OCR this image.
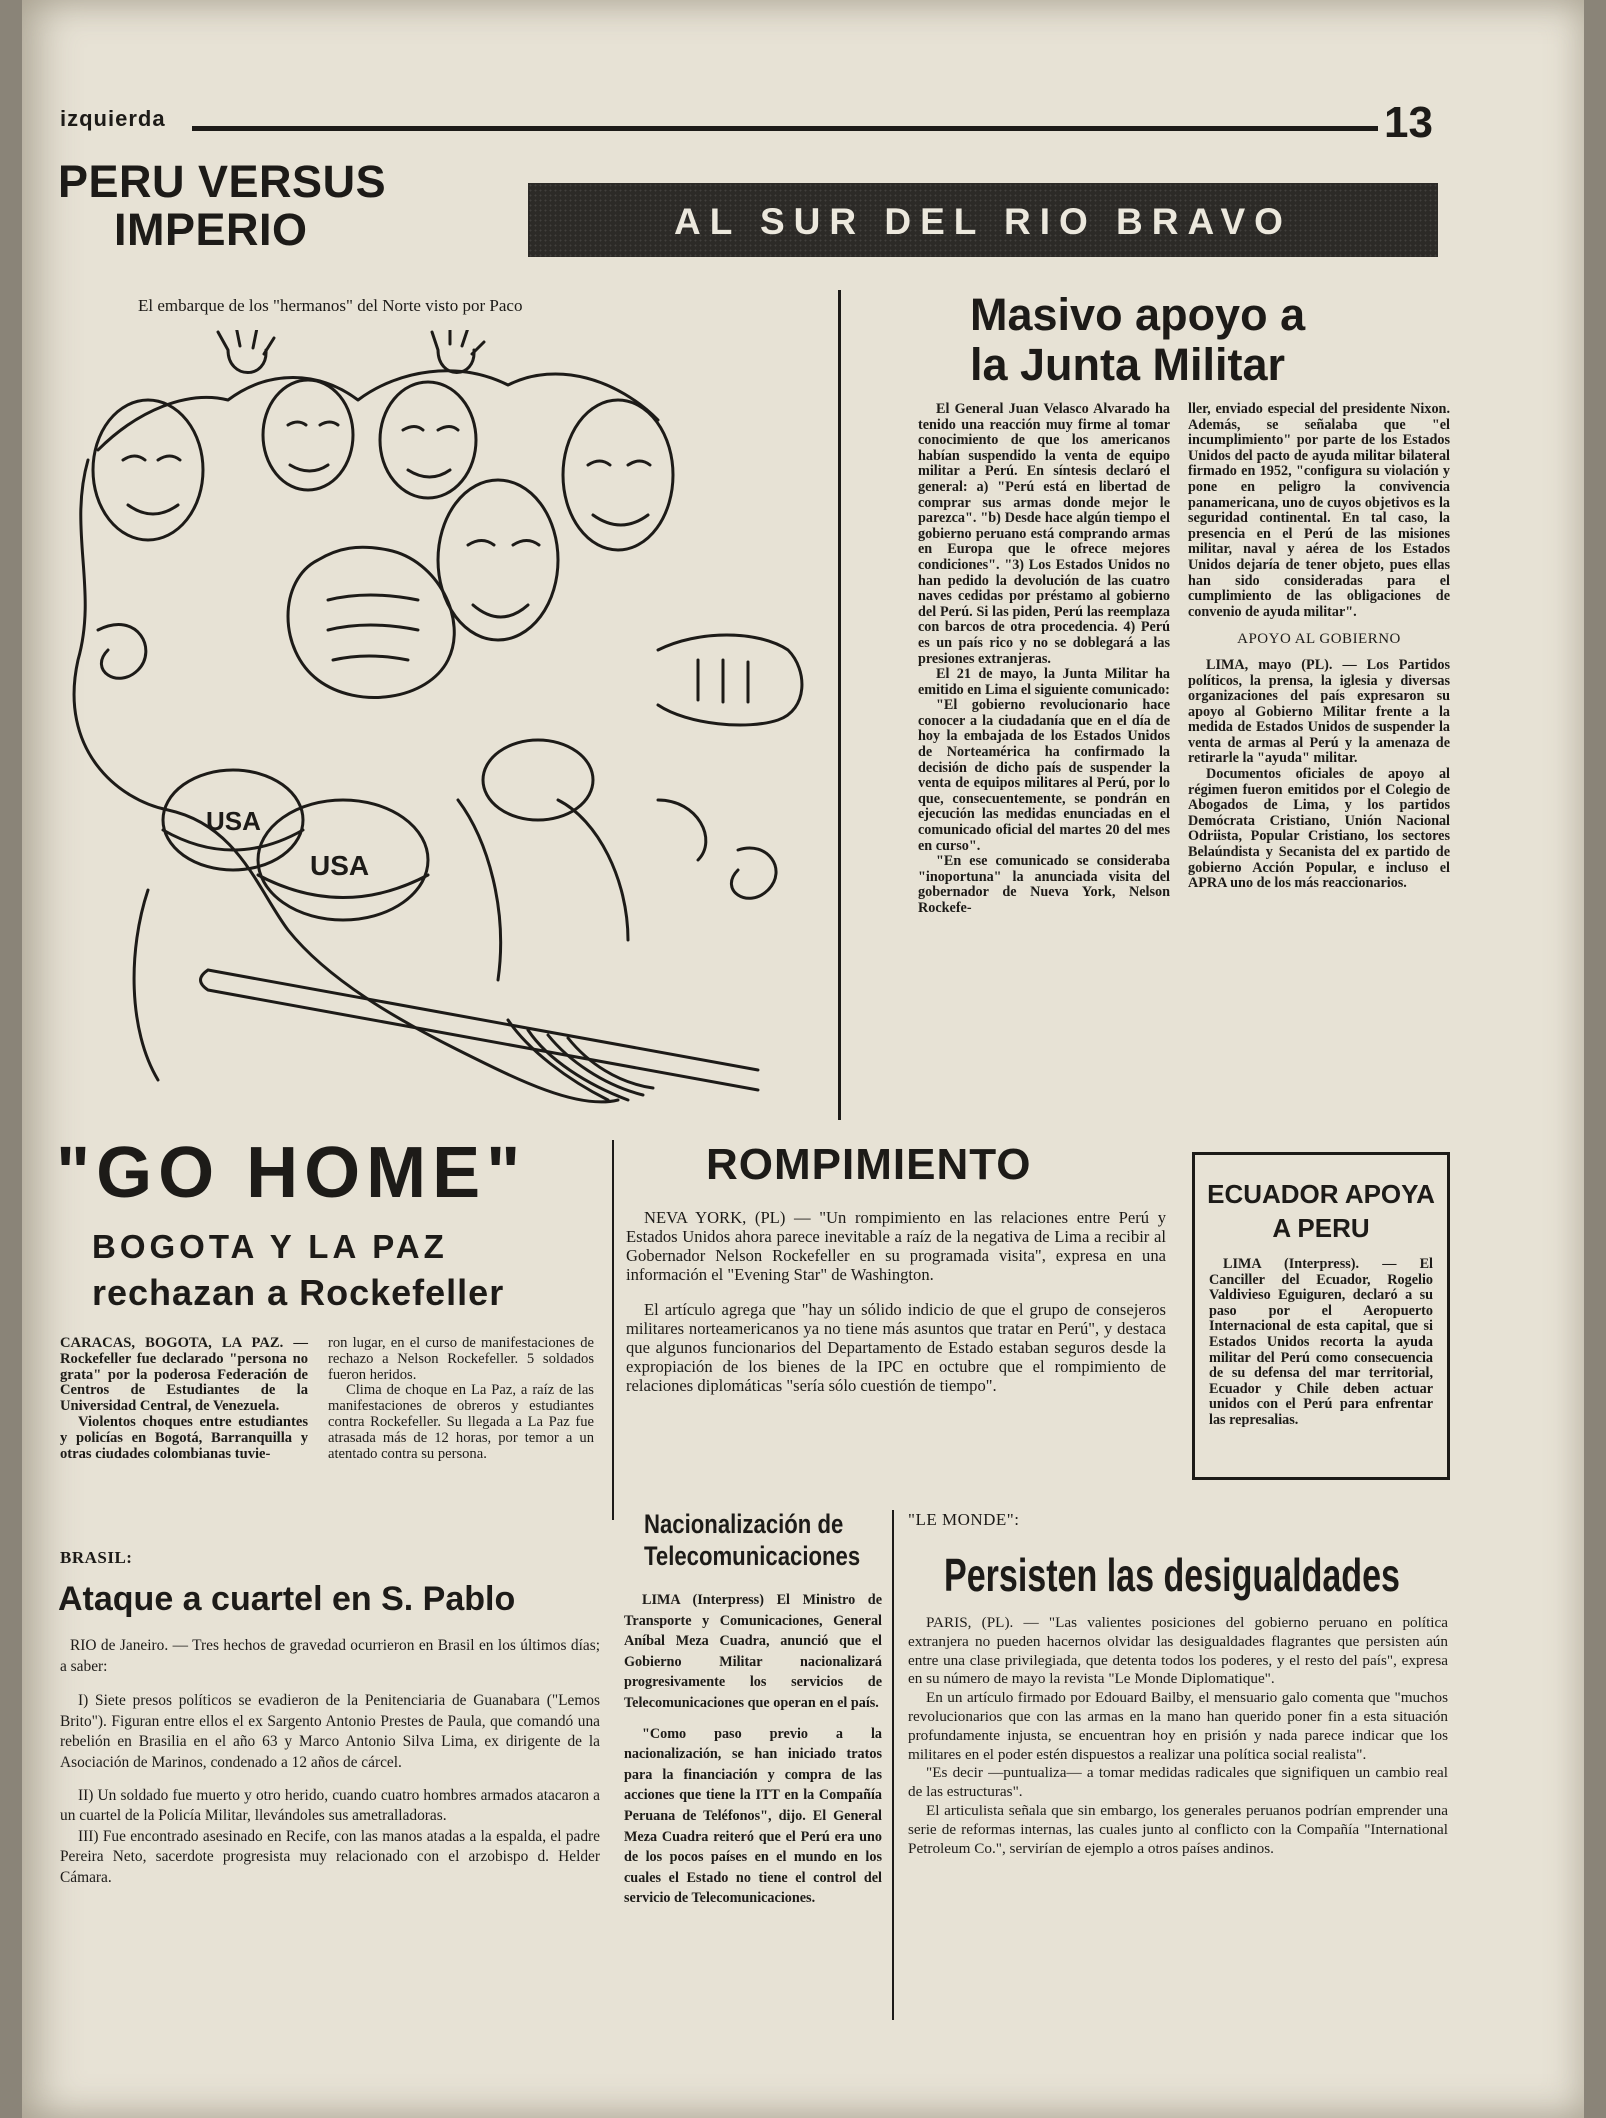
izquierda	13
PERU VERSUS
IMPERIO	AL SUR DEL RIO BRAVO
El embarque de los "hermanos" del Norte visto por Paco
USA
USA
Masivo apoyo a
la Junta Militar

El General Juan Velasco Alvarado ha tenido una reacción muy firme al tomar conocimiento de que los americanos habían suspendido la venta de equipo militar a Perú. En síntesis declaró el general: a) "Perú está en libertad de comprar sus armas donde mejor le parezca". "b) Desde hace algún tiempo el gobierno peruano está comprando armas en Europa que le ofrece mejores condiciones". "3) Los Estados Unidos no han pedido la devolución de las cuatro naves cedidas por préstamo al gobierno del Perú. Si las piden, Perú las reemplaza con barcos de otra procedencia. 4) Perú es un país rico y no se doblegará a las presiones extranjeras.

El 21 de mayo, la Junta Militar ha emitido en Lima el siguiente comunicado:

"El gobierno revolucionario hace conocer a la ciudadanía que en el día de hoy la embajada de los Estados Unidos de Norteamérica ha confirmado la decisión de dicho país de suspender la venta de equipos militares al Perú, por lo que, consecuentemente, se pondrán en ejecución las medidas enunciadas en el comunicado oficial del martes 20 del mes en curso".

"En ese comunicado se consideraba "inoportuna" la anunciada visita del gobernador de Nueva York, Nelson Rockefe-

ller, enviado especial del presidente Nixon. Además, se señalaba que "el incumplimiento" por parte de los Estados Unidos del pacto de ayuda militar bilateral firmado en 1952, "configura su violación y pone en peligro la convivencia panamericana, uno de cuyos objetivos es la seguridad continental. En tal caso, la presencia en el Perú de las misiones militar, naval y aérea de los Estados Unidos dejaría de tener objeto, pues ellas han sido consideradas para el cumplimiento de las obligaciones de convenio de ayuda militar".

APOYO AL GOBIERNO

LIMA, mayo (PL). — Los Partidos políticos, la prensa, la iglesia y diversas organizaciones del país expresaron su apoyo al Gobierno Militar frente a la medida de Estados Unidos de suspender la venta de armas al Perú y la amenaza de retirarle la "ayuda" militar.

Documentos oficiales de apoyo al régimen fueron emitidos por el Colegio de Abogados de Lima, y los partidos Demócrata Cristiano, Unión Nacional Odriista, Popular Cristiano, los sectores Belaúndista y Secanista del ex partido de gobierno Acción Popular, e incluso el APRA uno de los más reaccionarios.

"GO HOME"
BOGOTA Y LA PAZ
rechazan a Rockefeller

CARACAS, BOGOTA, LA PAZ. — Rockefeller fue declarado "persona no grata" por la poderosa Federación de Centros de Estudiantes de la Universidad Central, de Venezuela.

Violentos choques entre estudiantes y policías en Bogotá, Barranquilla y otras ciudades colombianas tuvie-

ron lugar, en el curso de manifestaciones de rechazo a Nelson Rockefeller. 5 soldados fueron heridos.

Clima de choque en La Paz, a raíz de las manifestaciones de obreros y estudiantes contra Rockefeller. Su llegada a La Paz fue atrasada más de 12 horas, por temor a un atentado contra su persona.

ROMPIMIENTO

NEVA YORK, (PL) — "Un rompimiento en las relaciones entre Perú y Estados Unidos ahora parece inevitable a raíz de la negativa de Lima a recibir al Gobernador Nelson Rockefeller en su programada visita", expresa en una información el "Evening Star" de Washington.

El artículo agrega que "hay un sólido indicio de que el grupo de consejeros militares norteamericanos ya no tiene más asuntos que tratar en Perú", y destaca que algunos funcionarios del Departamento de Estado estaban seguros desde la expropiación de los bienes de la IPC en octubre que el rompimiento de relaciones diplomáticas "sería sólo cuestión de tiempo".

ECUADOR APOYA
A PERU

LIMA (Interpress). — El Canciller del Ecuador, Rogelio Valdivieso Eguiguren, declaró a su paso por el Aeropuerto Internacional de esta capital, que si Estados Unidos recorta la ayuda militar del Perú como consecuencia de su defensa del mar territorial, Ecuador y Chile deben actuar unidos con el Perú para enfrentar las represalias.

BRASIL:
Ataque a cuartel en S. Pablo

RIO de Janeiro. — Tres hechos de gravedad ocurrieron en Brasil en los últimos días; a saber:

I) Siete presos políticos se evadieron de la Penitenciaria de Guanabara ("Lemos Brito"). Figuran entre ellos el ex Sargento Antonio Prestes de Paula, que comandó una rebelión en Brasilia en el año 63 y Marco Antonio Silva Lima, ex dirigente de la Asociación de Marinos, condenado a 12 años de cárcel.

II) Un soldado fue muerto y otro herido, cuando cuatro hombres armados atacaron a un cuartel de la Policía Militar, llevándoles sus ametralladoras.

III) Fue encontrado asesinado en Recife, con las manos atadas a la espalda, el padre Pereira Neto, sacerdote progresista muy relacionado con el arzobispo d. Helder Cámara.

Nacionalización de
Telecomunicaciones

LIMA (Interpress) El Ministro de Transporte y Comunicaciones, General Aníbal Meza Cuadra, anunció que el Gobierno Militar nacionalizará progresivamente los servicios de Telecomunicaciones que operan en el país.

"Como paso previo a la nacionalización, se han iniciado tratos para la financiación y compra de las acciones que tiene la ITT en la Compañía Peruana de Teléfonos", dijo. El General Meza Cuadra reiteró que el Perú era uno de los pocos países en el mundo en los cuales el Estado no tiene el control del servicio de Telecomunicaciones.

"LE MONDE":
Persisten las desigualdades

PARIS, (PL). — "Las valientes posiciones del gobierno peruano en política extranjera no pueden hacernos olvidar las desigualdades flagrantes que persisten aún entre una clase privilegiada, que detenta todos los poderes, y el resto del país", expresa en su número de mayo la revista "Le Monde Diplomatique".

En un artículo firmado por Edouard Bailby, el mensuario galo comenta que "muchos revolucionarios que con las armas en la mano han querido poner fin a esta situación profundamente injusta, se encuentran hoy en prisión y nada parece indicar que los militares en el poder estén dispuestos a realizar una política social realista".

"Es decir —puntualiza— a tomar medidas radicales que signifiquen un cambio real de las estructuras".

El articulista señala que sin embargo, los generales peruanos podrían emprender una serie de reformas internas, las cuales junto al conflicto con la Compañía "International Petroleum Co.", servirían de ejemplo a otros países andinos.
